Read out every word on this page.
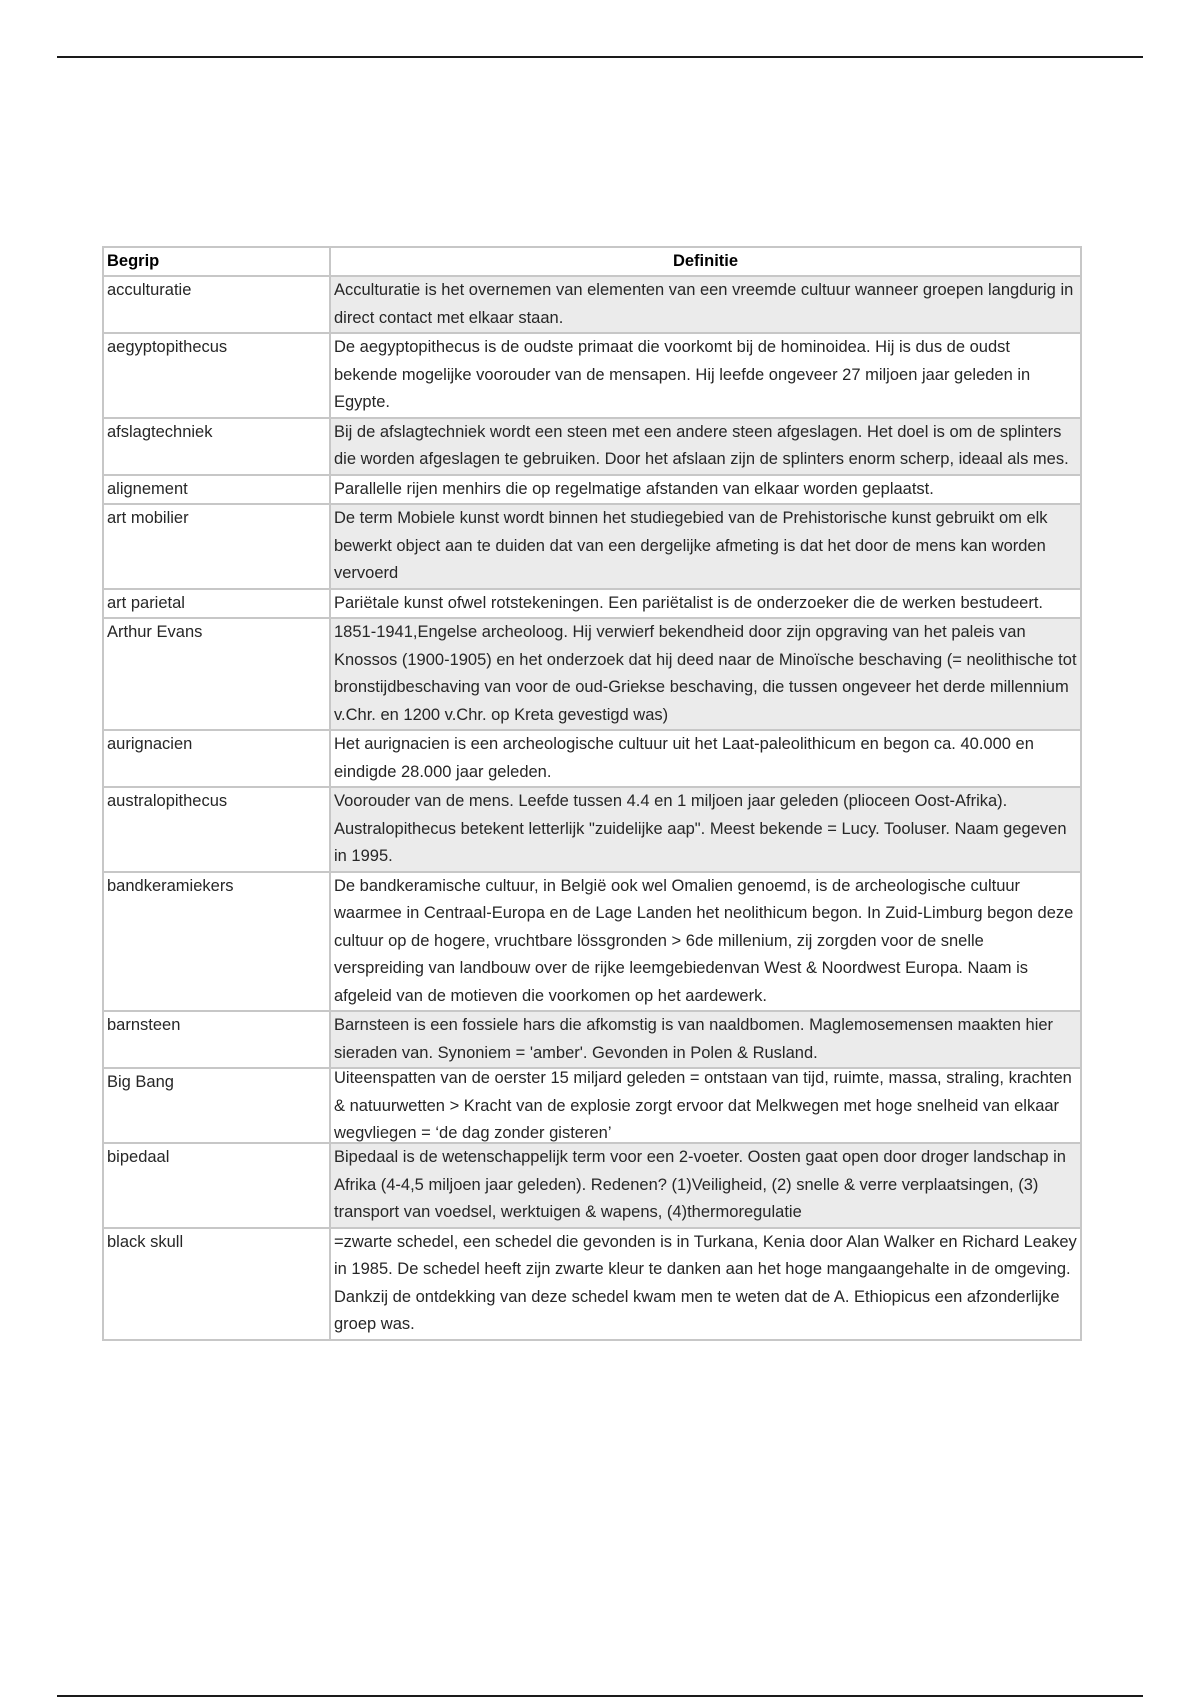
Begrip	Definitie
acculturatie	Acculturatie is het overnemen van elementen van een vreemde cultuur wanneer groepen langdurig in direct contact met elkaar staan.
aegyptopithecus	De aegyptopithecus is de oudste primaat die voorkomt bij de hominoidea. Hij is dus de oudst bekende mogelijke voorouder van de mensapen. Hij leefde ongeveer 27 miljoen jaar geleden in Egypte.
afslagtechniek	Bij de afslagtechniek wordt een steen met een andere steen afgeslagen. Het doel is om de splinters die worden afgeslagen te gebruiken. Door het afslaan zijn de splinters enorm scherp, ideaal als mes.
alignement	Parallelle rijen menhirs die op regelmatige afstanden van elkaar worden geplaatst.
art mobilier	De term Mobiele kunst wordt binnen het studiegebied van de Prehistorische kunst gebruikt om elk bewerkt object aan te duiden dat van een dergelijke afmeting is dat het door de mens kan worden vervoerd
art parietal	Pariëtale kunst ofwel rotstekeningen. Een pariëtalist is de onderzoeker die de werken bestudeert.
Arthur Evans	1851-1941,Engelse archeoloog. Hij verwierf bekendheid door zijn opgraving van het paleis van Knossos (1900-1905) en het onderzoek dat hij deed naar de Minoïsche beschaving (= neolithische tot bronstijdbeschaving van voor de oud-Griekse beschaving, die tussen ongeveer het derde millennium v.Chr. en 1200 v.Chr. op Kreta gevestigd was)
aurignacien	Het aurignacien is een archeologische cultuur uit het Laat-paleolithicum en begon ca. 40.000 en eindigde 28.000 jaar geleden.
australopithecus	Voorouder van de mens. Leefde tussen 4.4 en 1 miljoen jaar geleden (plioceen Oost-Afrika). Australopithecus betekent letterlijk "zuidelijke aap". Meest bekende = Lucy. Tooluser. Naam gegeven in 1995.
bandkeramiekers	De bandkeramische cultuur, in België ook wel Omalien genoemd, is de archeologische cultuur waarmee in Centraal-Europa en de Lage Landen het neolithicum begon. In Zuid-Limburg begon deze cultuur op de hogere, vruchtbare lössgronden > 6de millenium, zij zorgden voor de snelle verspreiding van landbouw over de rijke leemgebiedenvan West & Noordwest Europa. Naam is afgeleid van de motieven die voorkomen op het aardewerk.
barnsteen	Barnsteen is een fossiele hars die afkomstig is van naaldbomen. Maglemosemensen maakten hier sieraden van. Synoniem = 'amber'. Gevonden in Polen & Rusland.
Big Bang	Uiteenspatten van de oerster 15 miljard geleden = ontstaan van tijd, ruimte, massa, straling, krachten & natuurwetten > Kracht van de explosie zorgt ervoor dat Melkwegen met hoge snelheid van elkaar wegvliegen = ‘de dag zonder gisteren’

bipedaal	Bipedaal is de wetenschappelijk term voor een 2-voeter. Oosten gaat open door droger landschap in Afrika (4-4,5 miljoen jaar geleden). Redenen? (1)Veiligheid, (2) snelle & verre verplaatsingen, (3) transport van voedsel, werktuigen & wapens, (4)thermoregulatie
black skull	=zwarte schedel, een schedel die gevonden is in Turkana, Kenia door Alan Walker en Richard Leakey in 1985. De schedel heeft zijn zwarte kleur te danken aan het hoge mangaangehalte in de omgeving. Dankzij de ontdekking van deze schedel kwam men te weten dat de A. Ethiopicus een afzonderlijke groep was.
